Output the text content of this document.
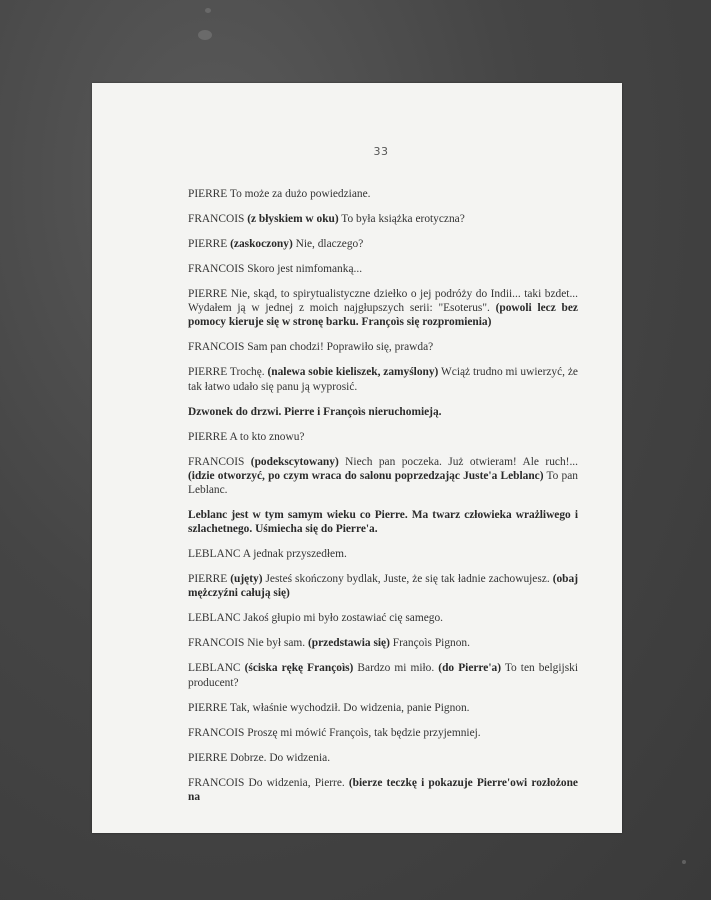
33

PIERRE To może za dużo powiedziane.

FRANCOIS (z błyskiem w oku) To była książka erotyczna?

PIERRE (zaskoczony) Nie, dlaczego?

FRANCOIS Skoro jest nimfomanką...

PIERRE Nie, skąd, to spirytualistyczne dziełko o jej podróży do Indii... taki bzdet... Wydałem ją w jednej z moich najgłupszych serii: "Esoterus". (powoli lecz bez pomocy kieruje się w stronę barku. Françoìs się rozpromienia)

FRANCOIS Sam pan chodzi! Poprawiło się, prawda?

PIERRE Trochę. (nalewa sobie kieliszek, zamyślony) Wciąż trudno mi uwierzyć, że tak łatwo udało się panu ją wyprosić.

Dzwonek do drzwi. Pierre i Françoìs nieruchomieją.

PIERRE A to kto znowu?

FRANCOIS (podekscytowany) Niech pan poczeka. Już otwieram! Ale ruch!... (idzie otworzyć, po czym wraca do salonu poprzedzając Juste'a Leblanc) To pan Leblanc.

Leblanc jest w tym samym wieku co Pierre. Ma twarz człowieka wrażliwego i szlachetnego. Uśmiecha się do Pierre'a.

LEBLANC A jednak przyszedłem.

PIERRE (ujęty) Jesteś skończony bydlak, Juste, że się tak ładnie zachowujesz. (obaj mężczyźni całują się)

LEBLANC Jakoś głupio mi było zostawiać cię samego.

FRANCOIS Nie był sam. (przedstawia się) Françoìs Pignon.

LEBLANC (ściska rękę Françoìs) Bardzo mi miło. (do Pierre'a) To ten belgijski producent?

PIERRE Tak, właśnie wychodził. Do widzenia, panie Pignon.

FRANCOIS Proszę mi mówić Françoìs, tak będzie przyjemniej.

PIERRE Dobrze. Do widzenia.

FRANCOIS Do widzenia, Pierre. (bierze teczkę i pokazuje Pierre'owi rozłożone na
